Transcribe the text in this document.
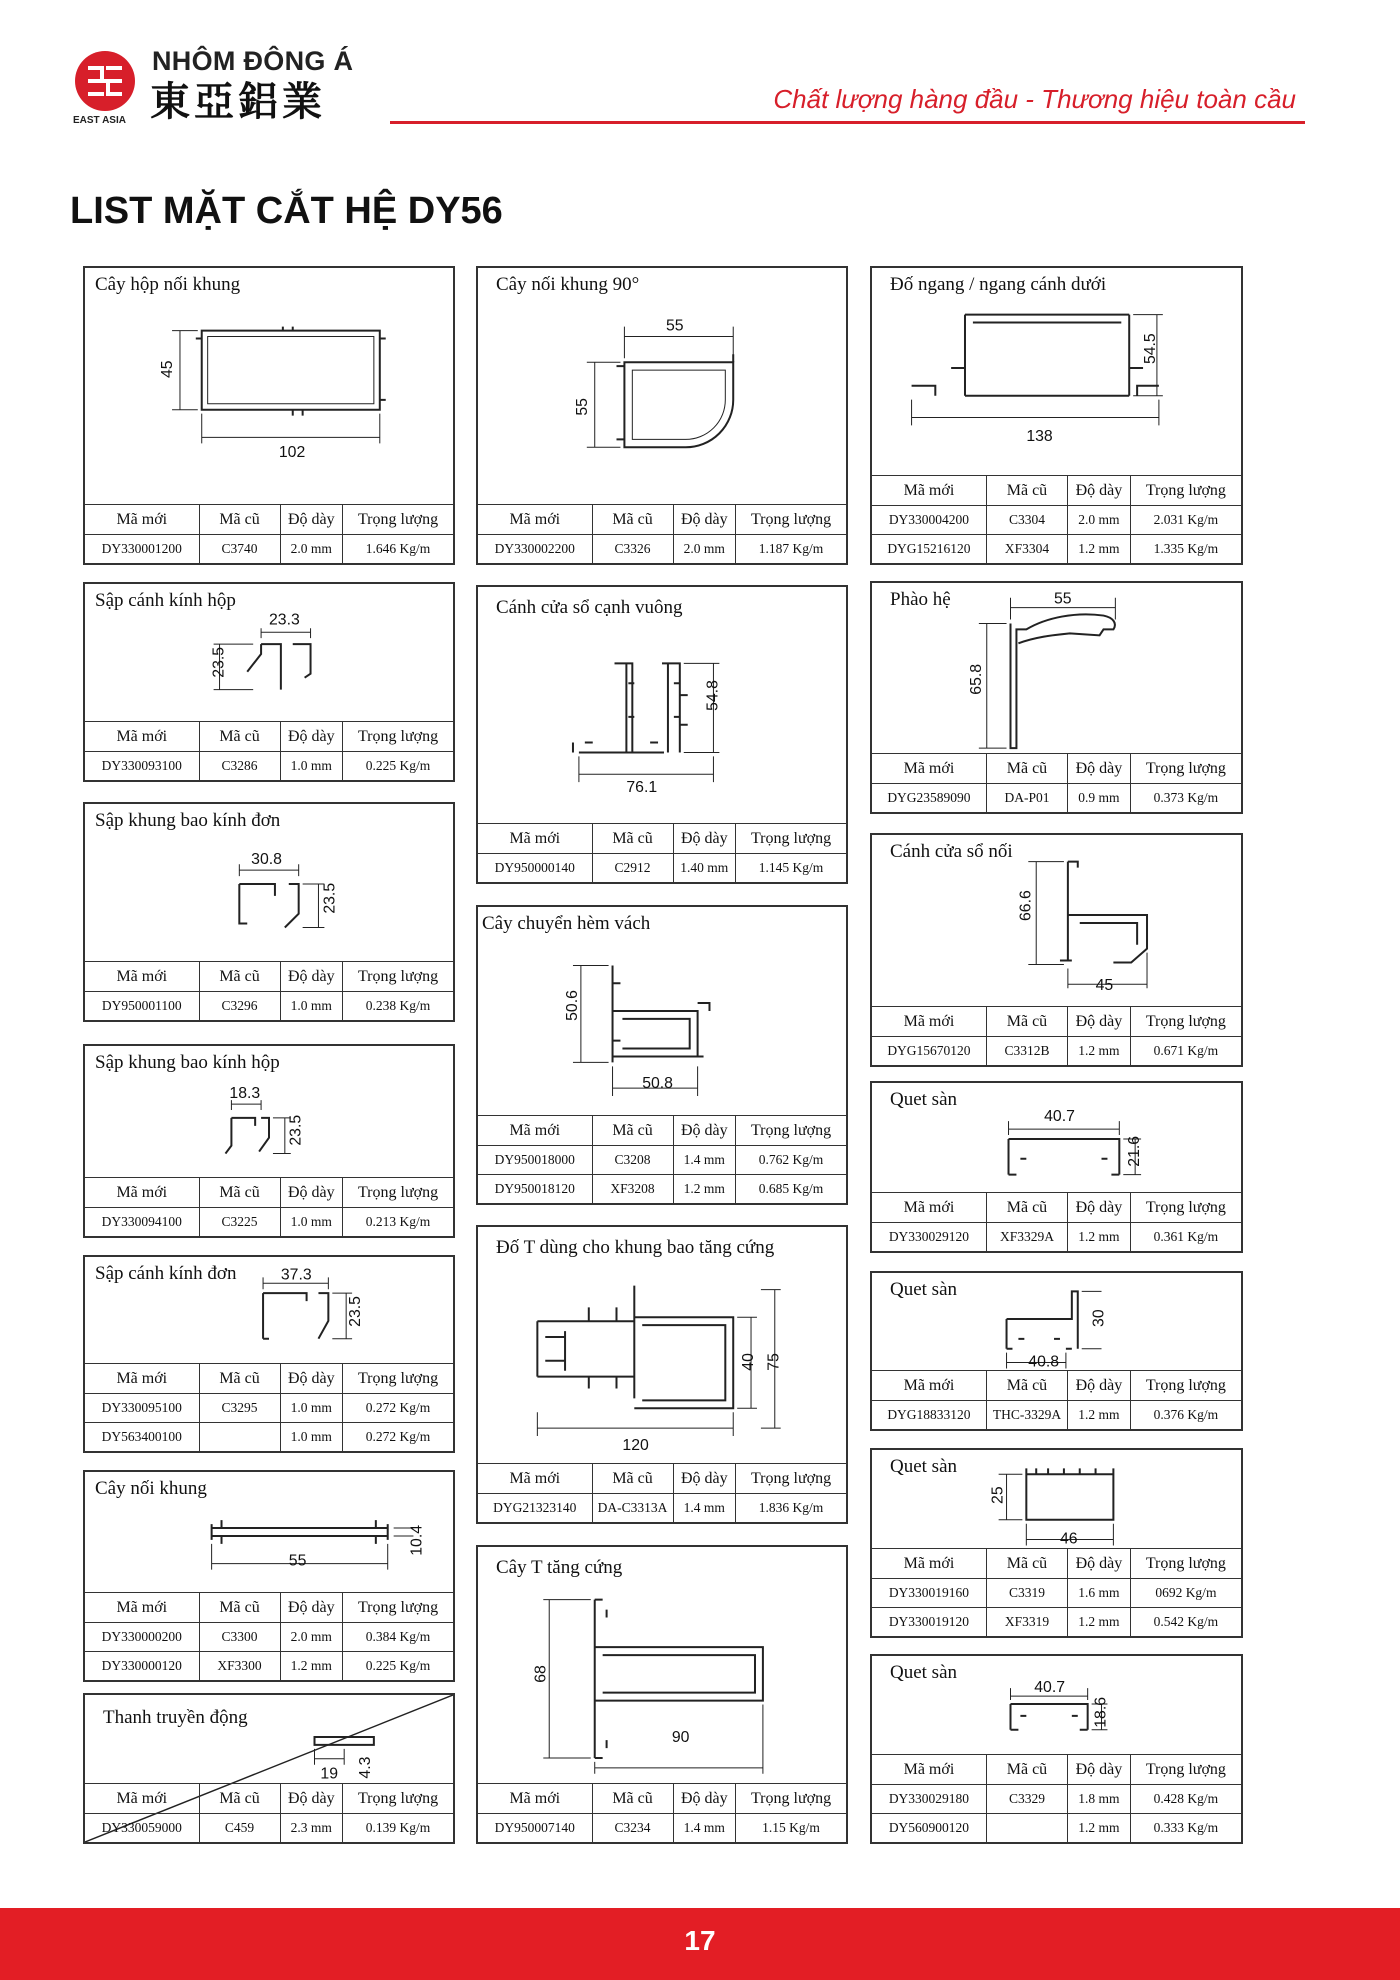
NHÔM ĐÔNG Á
東亞鋁業
EAST ASIA
Chất lượng hàng đầu - Thương hiệu toàn cầu
LIST MẶT CẮT HỆ DY56
Cây hộp nối khung
45
102
Mã mới	Mã cũ	Độ dày	Trọng lượng
DY330001200	C3740	2.0 mm	1.646 Kg/m
Sập cánh kính hộp
23.3
23.5
Mã mới	Mã cũ	Độ dày	Trọng lượng
DY330093100	C3286	1.0 mm	0.225 Kg/m
Sập khung bao kính đơn
30.8
23.5
Mã mới	Mã cũ	Độ dày	Trọng lượng
DY950001100	C3296	1.0 mm	0.238 Kg/m
Sập khung bao kính hộp
18.3
23.5
Mã mới	Mã cũ	Độ dày	Trọng lượng
DY330094100	C3225	1.0 mm	0.213 Kg/m
Sập cánh kính đơn	37.3
23.5
Mã mới	Mã cũ	Độ dày	Trọng lượng
DY330095100	C3295	1.0 mm	0.272 Kg/m
DY563400100		1.0 mm	0.272 Kg/m
Cây nối khung
55
10.4
Mã mới	Mã cũ	Độ dày	Trọng lượng
DY330000200	C3300	2.0 mm	0.384 Kg/m
DY330000120	XF3300	1.2 mm	0.225 Kg/m
Thanh truyền động
19 4.3
Mã mới	Mã cũ	Độ dày	Trọng lượng
DY330059000	C459	2.3 mm	0.139 Kg/m
Cây nối khung 90°
55
55
Mã mới	Mã cũ	Độ dày	Trọng lượng
DY330002200	C3326	2.0 mm	1.187 Kg/m
Cánh cửa sổ cạnh vuông
76.1
54.8
Mã mới	Mã cũ	Độ dày	Trọng lượng
DY950000140	C2912	1.40 mm	1.145 Kg/m
Cây chuyển hèm vách
50.6
50.8
Mã mới	Mã cũ	Độ dày	Trọng lượng
DY950018000	C3208	1.4 mm	0.762 Kg/m
DY950018120	XF3208	1.2 mm	0.685 Kg/m
Đố T dùng cho khung bao tăng cứng
40 75
120
Mã mới	Mã cũ	Độ dày	Trọng lượng
DYG21323140	DA-C3313A	1.4 mm	1.836 Kg/m
Cây T tăng cứng
68
90
Mã mới	Mã cũ	Độ dày	Trọng lượng
DY950007140	C3234	1.4 mm	1.15 Kg/m
Đố ngang / ngang cánh dưới
54.5
138
Mã mới	Mã cũ	Độ dày	Trọng lượng
DY330004200	C3304	2.0 mm	2.031 Kg/m
DYG15216120	XF3304	1.2 mm	1.335 Kg/m
Phào hệ	55
65.8
Mã mới	Mã cũ	Độ dày	Trọng lượng
DYG23589090	DA-P01	0.9 mm	0.373 Kg/m
Cánh cửa sổ nối
66.6
45
Mã mới	Mã cũ	Độ dày	Trọng lượng
DYG15670120	C3312B	1.2 mm	0.671 Kg/m
Quet sàn
40.7
21.6
Mã mới	Mã cũ	Độ dày	Trọng lượng
DY330029120	XF3329A	1.2 mm	0.361 Kg/m
Quet sàn
40.8
30
Mã mới	Mã cũ	Độ dày	Trọng lượng
DYG18833120	THC-3329A	1.2 mm	0.376 Kg/m
Quet sàn
25
46
Mã mới	Mã cũ	Độ dày	Trọng lượng
DY330019160	C3319	1.6 mm	0692 Kg/m
DY330019120	XF3319	1.2 mm	0.542 Kg/m
Quet sàn
40.7
18.6
Mã mới	Mã cũ	Độ dày	Trọng lượng
DY330029180	C3329	1.8 mm	0.428 Kg/m
DY560900120		1.2 mm	0.333 Kg/m
17
